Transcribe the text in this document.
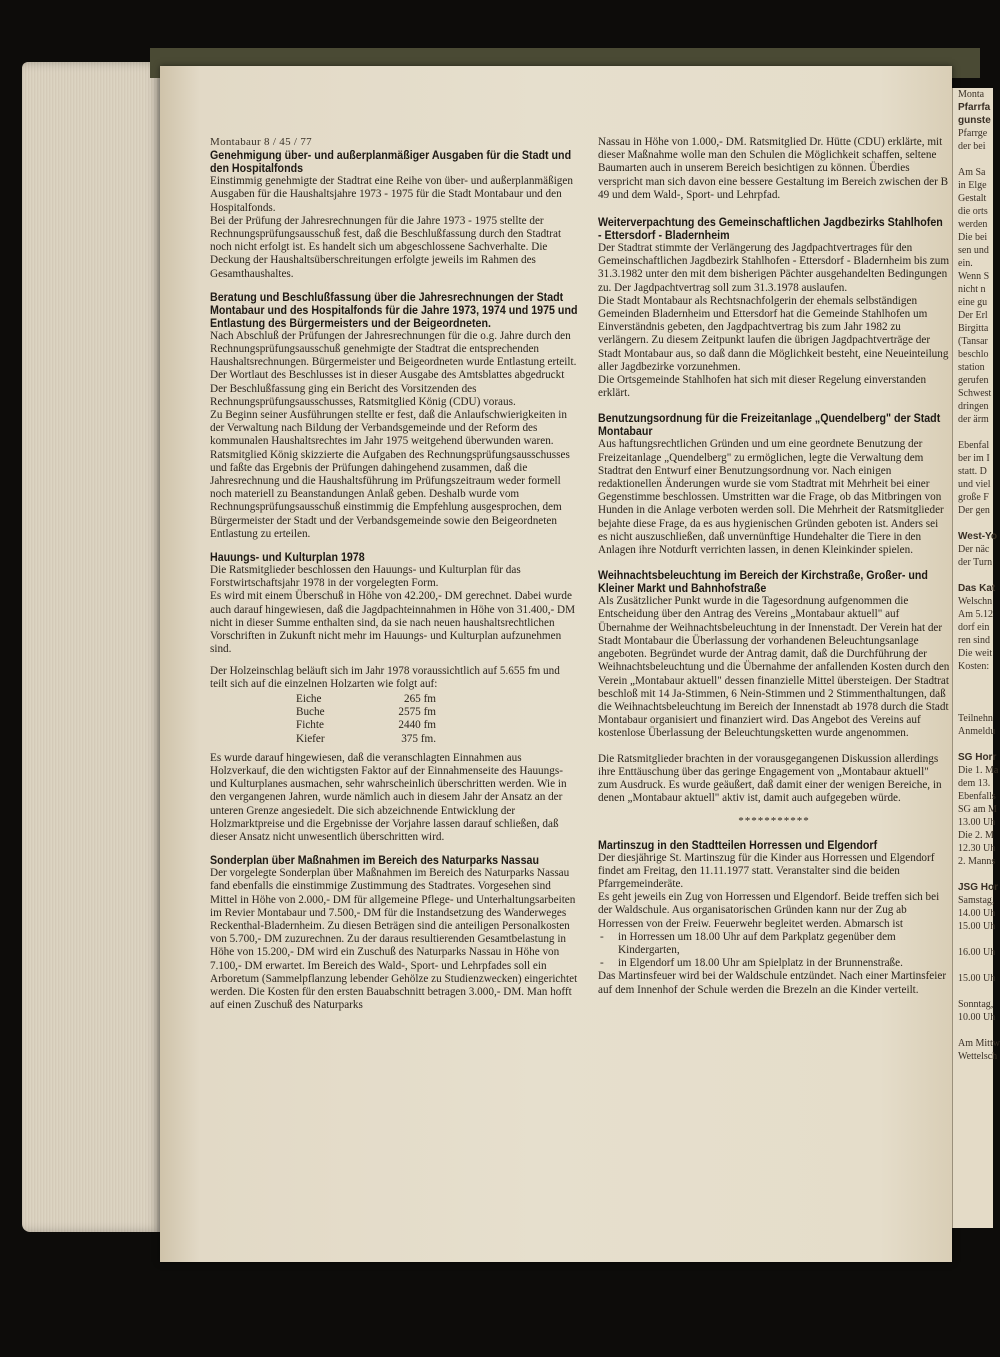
Monta
Pfarrfa
gunste
Pfarrge
der bei

Am Sa
in Elge
Gestalt
die orts
werden
Die bei
sen und
ein.
Wenn S
nicht n
eine gu
Der Erl
Birgitta
(Tansar
beschlo
station
gerufen
Schwest
dringen
der ärm

Ebenfal
ber im I
statt. D
und viel
große F
Der gen

West-Yo
Der näc
der Turn

Das Kat
Welschn
Am 5.12
dorf ein
ren sind
Die weit
Kosten:

Teilnehn
Anmeldu

SG Horr
Die 1. Ma
dem 13.
Ebenfalls
SG am M
13.00 Uh
Die 2. M
12.30 Uh
2. Manns

JSG Hor
Samstag,
14.00 Uh
15.00 Uh

16.00 Uh

15.00 Uh

Sonntag,
10.00 Uh

Am Mittw
Wettelsch

Montabaur 8 / 45 / 77

Genehmigung über- und außerplanmäßiger Ausgaben für die Stadt und den Hospitalfonds

Einstimmig genehmigte der Stadtrat eine Reihe von über- und außerplanmäßigen Ausgaben für die Haushaltsjahre 1973 - 1975 für die Stadt Montabaur und den Hospitalfonds.

Bei der Prüfung der Jahresrechnungen für die Jahre 1973 - 1975 stellte der Rechnungsprüfungsausschuß fest, daß die Beschlußfassung durch den Stadtrat noch nicht erfolgt ist. Es handelt sich um abgeschlossene Sachverhalte. Die Deckung der Haushaltsüberschreitungen erfolgte jeweils im Rahmen des Gesamthaushaltes.

Beratung und Beschlußfassung über die Jahresrechnungen der Stadt Montabaur und des Hospitalfonds für die Jahre 1973, 1974 und 1975 und Entlastung des Bürgermeisters und der Beigeordneten.

Nach Abschluß der Prüfungen der Jahresrechnungen für die o.g. Jahre durch den Rechnungsprüfungsausschuß genehmigte der Stadtrat die entsprechenden Haushaltsrechnungen. Bürgermeister und Beigeordneten wurde Entlastung erteilt. Der Wortlaut des Beschlusses ist in dieser Ausgabe des Amtsblattes abgedruckt

Der Beschlußfassung ging ein Bericht des Vorsitzenden des Rechnungsprüfungsausschusses, Ratsmitglied König (CDU) voraus.

Zu Beginn seiner Ausführungen stellte er fest, daß die Anlaufschwierigkeiten in der Verwaltung nach Bildung der Verbandsgemeinde und der Reform des kommunalen Haushaltsrechtes im Jahr 1975 weitgehend überwunden waren. Ratsmitglied König skizzierte die Aufgaben des Rechnungsprüfungsausschusses und faßte das Ergebnis der Prüfungen dahingehend zusammen, daß die Jahresrechnung und die Haushaltsführung im Prüfungszeitraum weder formell noch materiell zu Beanstandungen Anlaß geben. Deshalb wurde vom Rechnungsprüfungsausschuß einstimmig die Empfehlung ausgesprochen, dem Bürgermeister der Stadt und der Verbandsgemeinde sowie den Beigeordneten Entlastung zu erteilen.

Hauungs- und Kulturplan 1978

Die Ratsmitglieder beschlossen den Hauungs- und Kulturplan für das Forstwirtschaftsjahr 1978 in der vorgelegten Form.

Es wird mit einem Überschuß in Höhe von 42.200,- DM gerechnet. Dabei wurde auch darauf hingewiesen, daß die Jagdpachteinnahmen in Höhe von 31.400,- DM nicht in dieser Summe enthalten sind, da sie nach neuen haushaltsrechtlichen Vorschriften in Zukunft nicht mehr im Hauungs- und Kulturplan aufzunehmen sind.

Der Holzeinschlag beläuft sich im Jahr 1978 voraussichtlich auf 5.655 fm und teilt sich auf die einzelnen Holzarten wie folgt auf:

Eiche	265 fm
Buche	2575 fm
Fichte	2440 fm
Kiefer	375 fm.

Es wurde darauf hingewiesen, daß die veranschlagten Einnahmen aus Holzverkauf, die den wichtigsten Faktor auf der Einnahmenseite des Hauungs- und Kulturplanes ausmachen, sehr wahrscheinlich überschritten werden. Wie in den vergangenen Jahren, wurde nämlich auch in diesem Jahr der Ansatz an der unteren Grenze angesiedelt. Die sich abzeichnende Entwicklung der Holzmarktpreise und die Ergebnisse der Vorjahre lassen darauf schließen, daß dieser Ansatz nicht unwesentlich überschritten wird.

Sonderplan über Maßnahmen im Bereich des Naturparks Nassau

Der vorgelegte Sonderplan über Maßnahmen im Bereich des Naturparks Nassau fand ebenfalls die einstimmige Zustimmung des Stadtrates. Vorgesehen sind Mittel in Höhe von 2.000,- DM für allgemeine Pflege- und Unterhaltungsarbeiten im Revier Montabaur und 7.500,- DM für die Instandsetzung des Wanderweges Reckenthal-Bladernheim. Zu diesen Beträgen sind die anteiligen Personalkosten von 5.700,- DM zuzurechnen. Zu der daraus resultierenden Gesamtbelastung in Höhe von 15.200,- DM wird ein Zuschuß des Naturparks Nassau in Höhe von 7.100,- DM erwartet. Im Bereich des Wald-, Sport- und Lehrpfades soll ein Arboretum (Sammelpflanzung lebender Gehölze zu Studienzwecken) eingerichtet werden. Die Kosten für den ersten Bauabschnitt betragen 3.000,- DM. Man hofft auf einen Zuschuß des Naturparks

Nassau in Höhe von 1.000,- DM. Ratsmitglied Dr. Hütte (CDU) erklärte, mit dieser Maßnahme wolle man den Schulen die Möglichkeit schaffen, seltene Baumarten auch in unserem Bereich besichtigen zu können. Überdies verspricht man sich davon eine bessere Gestaltung im Bereich zwischen der B 49 und dem Wald-, Sport- und Lehrpfad.

Weiterverpachtung des Gemeinschaftlichen Jagdbezirks Stahlhofen - Ettersdorf - Bladernheim

Der Stadtrat stimmte der Verlängerung des Jagdpachtvertrages für den Gemeinschaftlichen Jagdbezirk Stahlhofen - Ettersdorf - Bladernheim bis zum 31.3.1982 unter den mit dem bisherigen Pächter ausgehandelten Bedingungen zu. Der Jagdpachtvertrag soll zum 31.3.1978 auslaufen.

Die Stadt Montabaur als Rechtsnachfolgerin der ehemals selbständigen Gemeinden Bladernheim und Ettersdorf hat die Gemeinde Stahlhofen um Einverständnis gebeten, den Jagdpachtvertrag bis zum Jahr 1982 zu verlängern. Zu diesem Zeitpunkt laufen die übrigen Jagdpachtverträge der Stadt Montabaur aus, so daß dann die Möglichkeit besteht, eine Neueinteilung aller Jagdbezirke vorzunehmen.

Die Ortsgemeinde Stahlhofen hat sich mit dieser Regelung einverstanden erklärt.

Benutzungsordnung für die Freizeitanlage „Quendelberg" der Stadt Montabaur

Aus haftungsrechtlichen Gründen und um eine geordnete Benutzung der Freizeitanlage „Quendelberg" zu ermöglichen, legte die Verwaltung dem Stadtrat den Entwurf einer Benutzungsordnung vor. Nach einigen redaktionellen Änderungen wurde sie vom Stadtrat mit Mehrheit bei einer Gegenstimme beschlossen. Umstritten war die Frage, ob das Mitbringen von Hunden in die Anlage verboten werden soll. Die Mehrheit der Ratsmitglieder bejahte diese Frage, da es aus hygienischen Gründen geboten ist. Anders sei es nicht auszuschließen, daß unvernünftige Hundehalter die Tiere in den Anlagen ihre Notdurft verrichten lassen, in denen Kleinkinder spielen.

Weihnachtsbeleuchtung im Bereich der Kirchstraße, Großer- und Kleiner Markt und Bahnhofstraße

Als Zusätzlicher Punkt wurde in die Tagesordnung aufgenommen die Entscheidung über den Antrag des Vereins „Montabaur aktuell" auf Übernahme der Weihnachtsbeleuchtung in der Innenstadt. Der Verein hat der Stadt Montabaur die Überlassung der vorhandenen Beleuchtungsanlage angeboten. Begründet wurde der Antrag damit, daß die Durchführung der Weihnachtsbeleuchtung und die Übernahme der anfallenden Kosten durch den Verein „Montabaur aktuell" dessen finanzielle Mittel übersteigen. Der Stadtrat beschloß mit 14 Ja-Stimmen, 6 Nein-Stimmen und 2 Stimmenthaltungen, daß die Weihnachtsbeleuchtung im Bereich der Innenstadt ab 1978 durch die Stadt Montabaur organisiert und finanziert wird. Das Angebot des Vereins auf kostenlose Überlassung der Beleuchtungsketten wurde angenommen.

Die Ratsmitglieder brachten in der vorausgegangenen Diskussion allerdings ihre Enttäuschung über das geringe Engagement von „Montabaur aktuell" zum Ausdruck. Es wurde geäußert, daß damit einer der wenigen Bereiche, in denen „Montabaur aktuell" aktiv ist, damit auch aufgegeben würde.

***********
Martinszug in den Stadtteilen Horressen und Elgendorf

Der diesjährige St. Martinszug für die Kinder aus Horressen und Elgendorf findet am Freitag, den 11.11.1977 statt. Veranstalter sind die beiden Pfarrgemeinderäte.

Es geht jeweils ein Zug von Horressen und Elgendorf. Beide treffen sich bei der Waldschule. Aus organisatorischen Gründen kann nur der Zug ab Horressen von der Freiw. Feuerwehr begleitet werden. Abmarsch ist

- in Horressen um 18.00 Uhr auf dem Parkplatz gegenüber dem Kindergarten,
- in Elgendorf um 18.00 Uhr am Spielplatz in der Brunnenstraße.

Das Martinsfeuer wird bei der Waldschule entzündet. Nach einer Martinsfeier auf dem Innenhof der Schule werden die Brezeln an die Kinder verteilt.
